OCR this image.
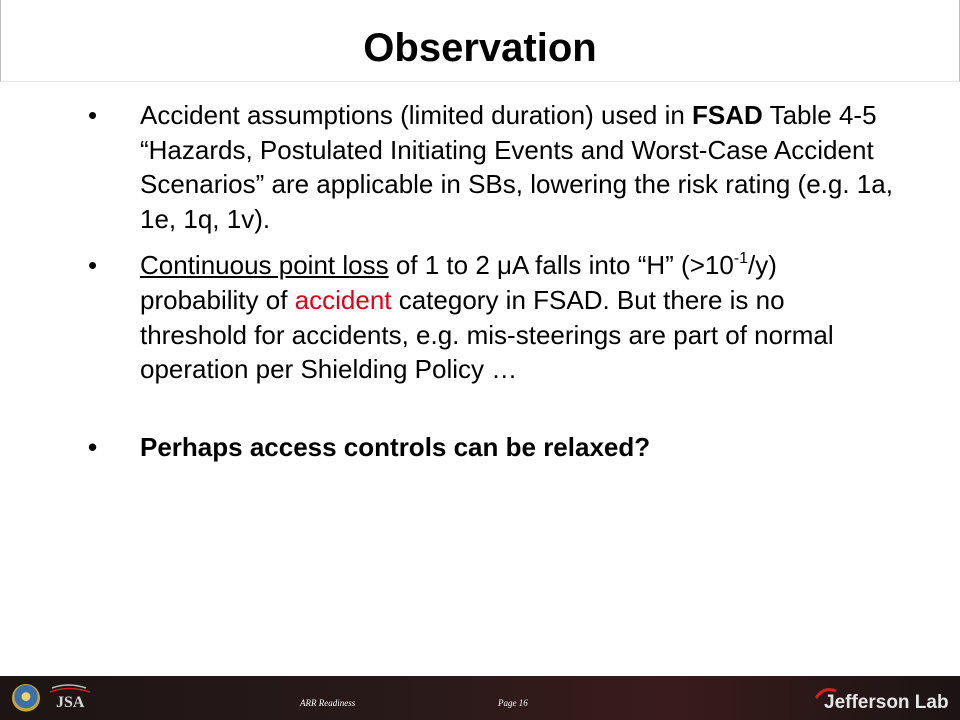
Observation
• Accident assumptions (limited duration) used in FSAD Table 4-5 “Hazards, Postulated Initiating Events and Worst-Case Accident Scenarios” are applicable in SBs, lowering the risk rating (e.g. 1a, 1e, 1q, 1v).
• Continuous point loss of 1 to 2 μA falls into “H” $(>10^{-1}/y)$ probability of accident category in FSAD. But there is no threshold for accidents, e.g. mis-steerings are part of normal operation per Shielding Policy …
• Perhaps access controls can be relaxed?
ARR Readiness	Page 16
JSA	Jefferson Lab
